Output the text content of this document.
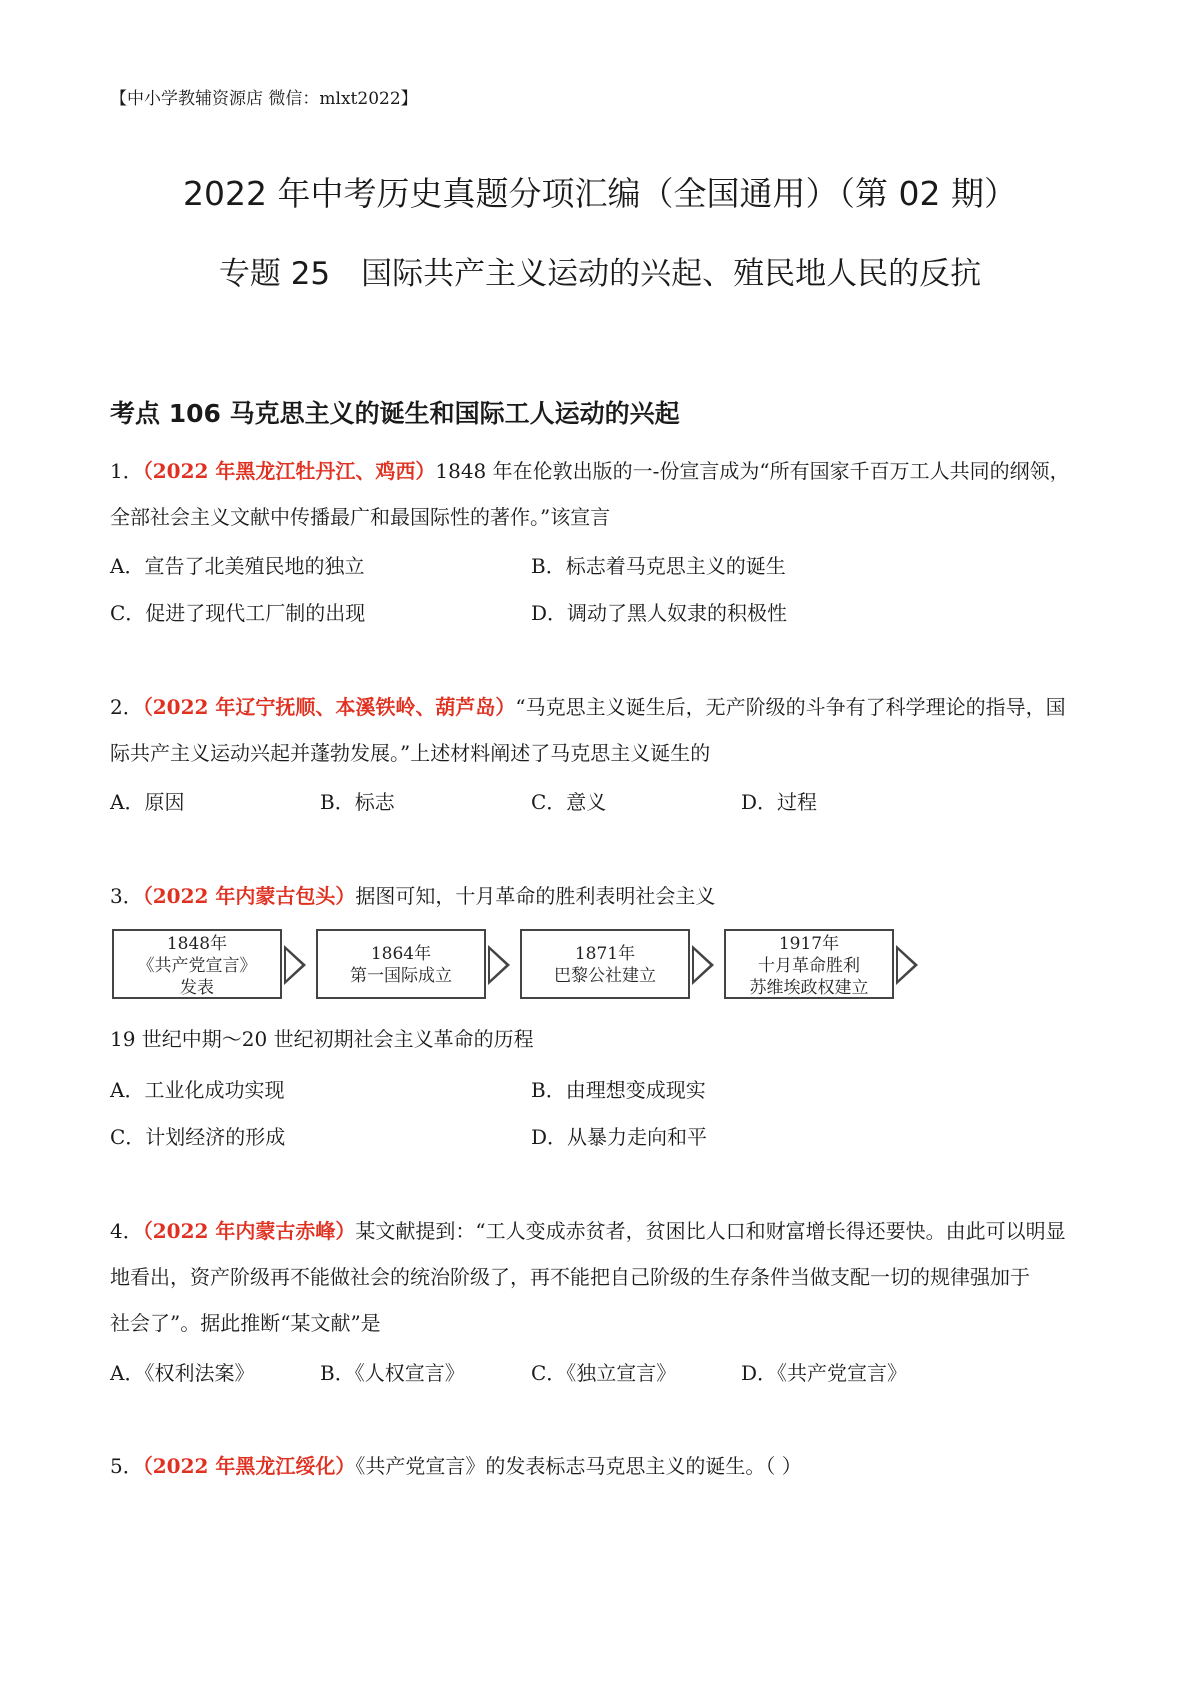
【中小学教辅资源店 微信：mlxt2022】
2022 年中考历史真题分项汇编（全国通用）（第 02 期）
专题 25　国际共产主义运动的兴起、殖民地人民的反抗
考点 106 马克思主义的诞生和国际工人运动的兴起
1．（2022 年黑龙江牡丹江、鸡西）1848 年在伦敦出版的一-份宣言成为“所有国家千百万工人共同的纲领，
全部社会主义文献中传播最广和最国际性的著作。”该宣言
A．宣告了北美殖民地的独立	B．标志着马克思主义的诞生
C．促进了现代工厂制的出现	D．调动了黑人奴隶的积极性
2．（2022 年辽宁抚顺、本溪铁岭、葫芦岛）“马克思主义诞生后，无产阶级的斗争有了科学理论的指导，国
际共产主义运动兴起并蓬勃发展。”上述材料阐述了马克思主义诞生的
A．原因	B．标志	C．意义	D．过程
3．（2022 年内蒙古包头）据图可知，十月革命的胜利表明社会主义
1848年
《共产党宣言》
发表
1864年
第一国际成立
1871年
巴黎公社建立
1917年
十月革命胜利
苏维埃政权建立
19 世纪中期～20 世纪初期社会主义革命的历程
A．工业化成功实现	B．由理想变成现实
C．计划经济的形成	D．从暴力走向和平
4．（2022 年内蒙古赤峰）某文献提到：“工人变成赤贫者，贫困比人口和财富增长得还要快。由此可以明显
地看出，资产阶级再不能做社会的统治阶级了，再不能把自己阶级的生存条件当做支配一切的规律强加于
社会了”。据此推断“某文献”是
A．《权利法案》	B．《人权宣言》	C．《独立宣言》	D．《共产党宣言》
5．（2022 年黑龙江绥化）《共产党宣言》的发表标志马克思主义的诞生。（ ）
